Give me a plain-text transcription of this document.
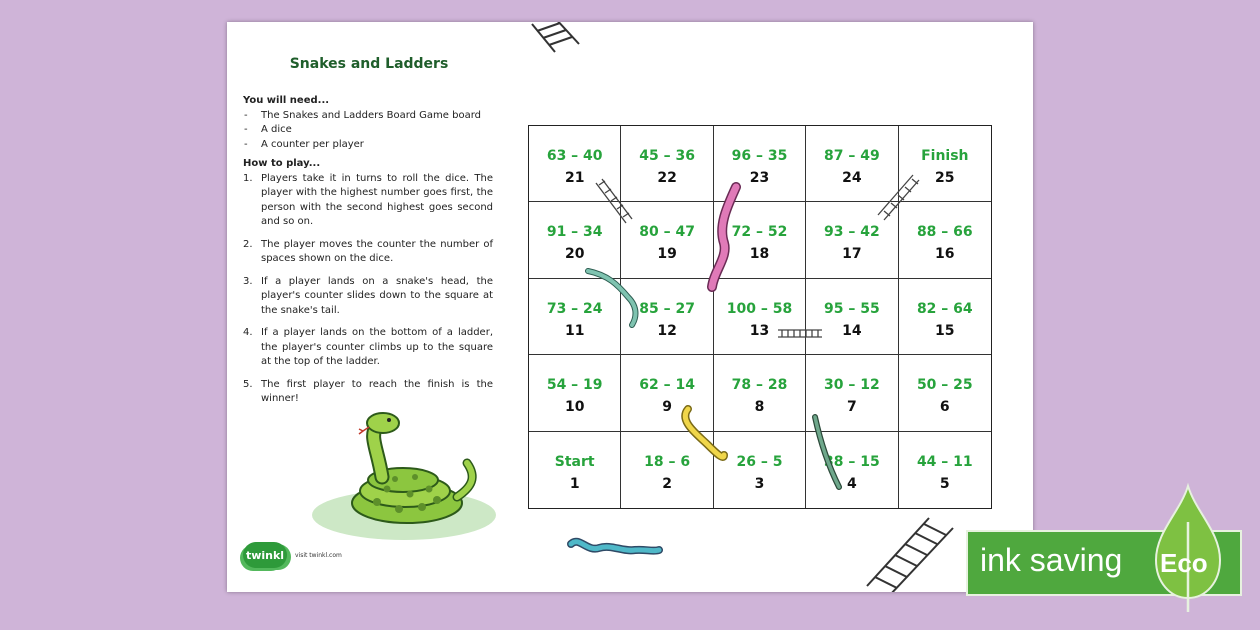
Snakes and Ladders
You will need...
- The Snakes and Ladders Board Game board
- A dice
- A counter per player
How to play...
1. Players take it in turns to roll the dice. The player with the highest number goes first, the person with the second highest goes second and so on.
2. The player moves the counter the number of spaces shown on the dice.
3. If a player lands on a snake's head, the player's counter slides down to the square at the snake's tail.
4. If a player lands on the bottom of a ladder, the player's counter climbs up to the square at the top of the ladder.
5. The first player to reach the finish is the winner!
63 – 40
21
45 – 36
22
96 – 35
23
87 – 49
24
Finish
25
91 – 34
20
80 – 47
19
72 – 52
18
93 – 42
17
88 – 66
16
73 – 24
11
85 – 27
12
100 – 58
13
95 – 55
14
82 – 64
15
54 – 19
10
62 – 14
9
78 – 28
8
30 – 12
7
50 – 25
6
Start
1
18 – 6
2
26 – 5
3
38 – 15
4
44 – 11
5
twinkl	visit twinkl.com	ink saving Eco
